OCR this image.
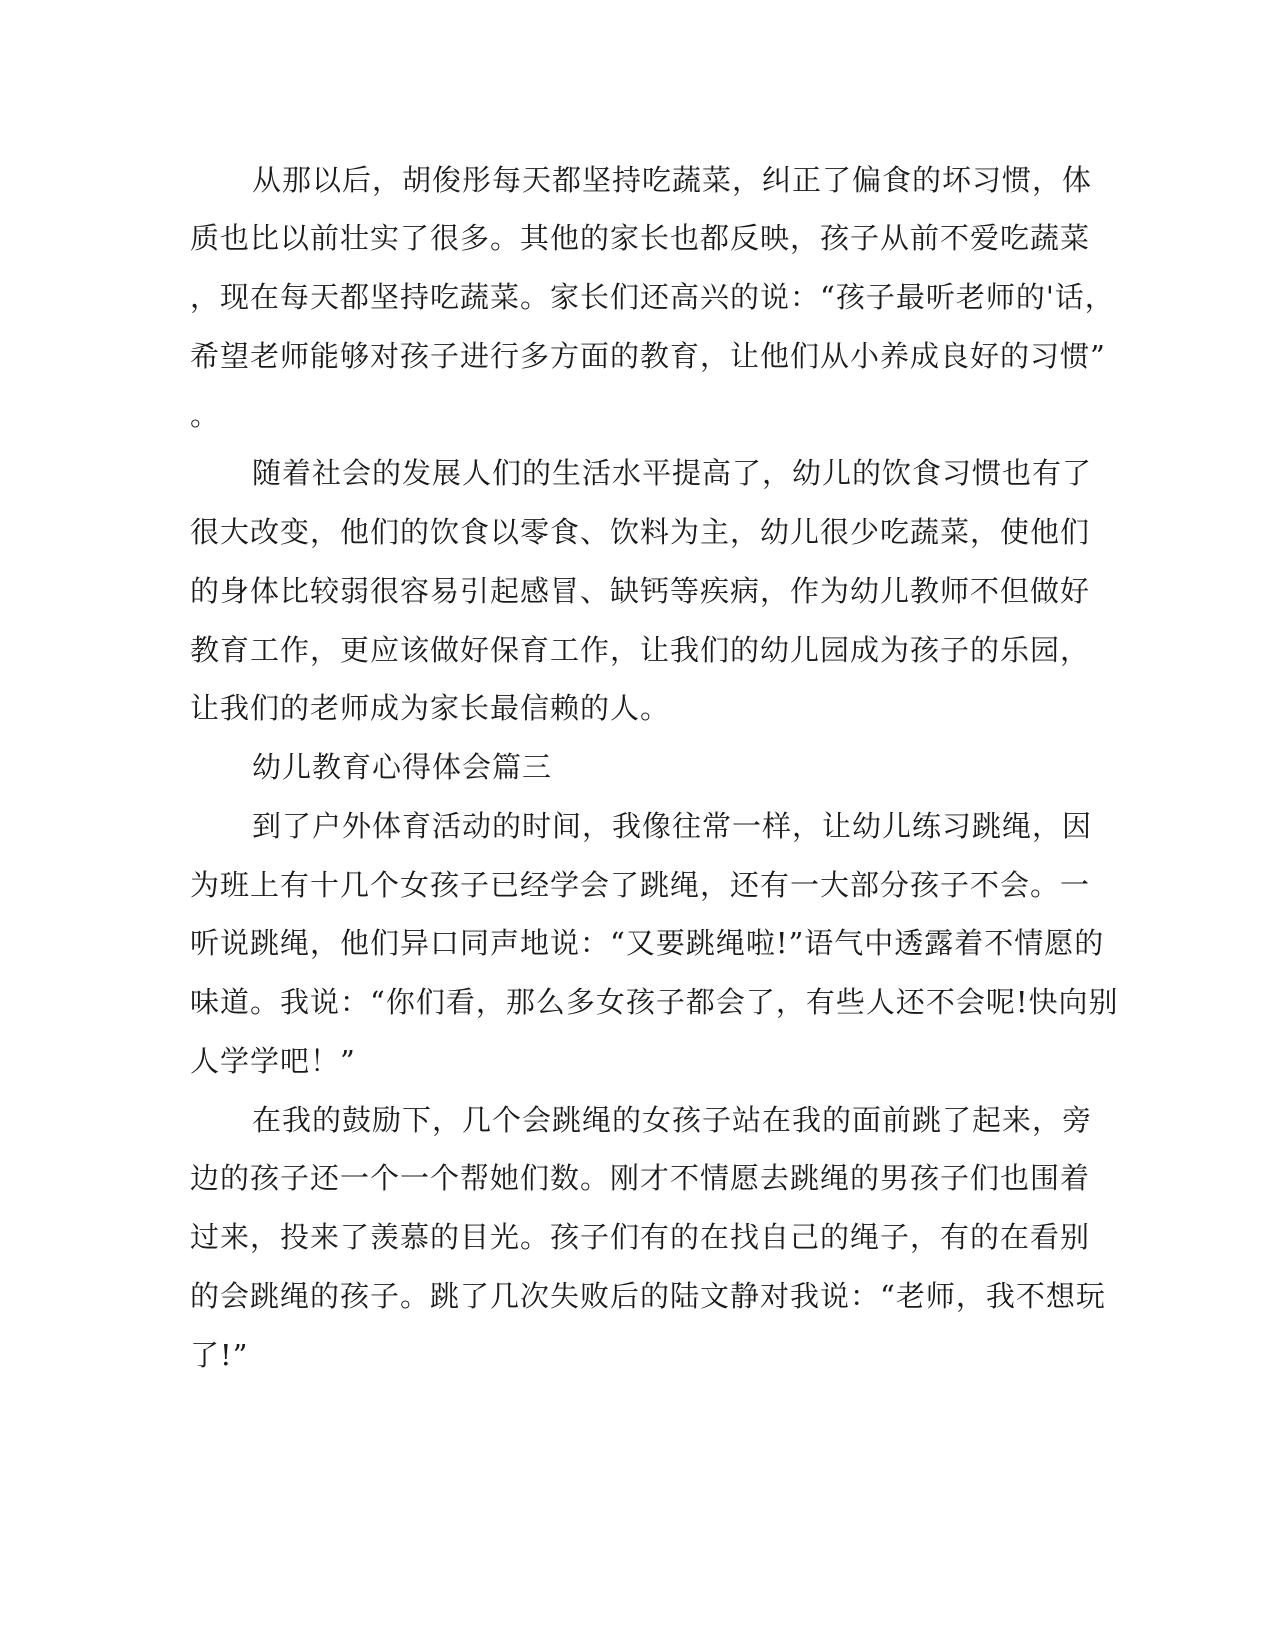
从那以后，胡俊彤每天都坚持吃蔬菜，纠正了偏食的坏习惯，体
质也比以前壮实了很多。其他的家长也都反映，孩子从前不爱吃蔬菜
，现在每天都坚持吃蔬菜。家长们还高兴的说：“孩子最听老师的'话，
希望老师能够对孩子进行多方面的教育，让他们从小养成良好的习惯”
。
随着社会的发展人们的生活水平提高了，幼儿的饮食习惯也有了
很大改变，他们的饮食以零食、饮料为主，幼儿很少吃蔬菜，使他们
的身体比较弱很容易引起感冒、缺钙等疾病，作为幼儿教师不但做好
教育工作，更应该做好保育工作，让我们的幼儿园成为孩子的乐园，
让我们的老师成为家长最信赖的人。
幼儿教育心得体会篇三
到了户外体育活动的时间，我像往常一样，让幼儿练习跳绳，因
为班上有十几个女孩子已经学会了跳绳，还有一大部分孩子不会。一
听说跳绳，他们异口同声地说：“又要跳绳啦!”语气中透露着不情愿的
味道。我说：“你们看，那么多女孩子都会了，有些人还不会呢!快向别
人学学吧！”
在我的鼓励下，几个会跳绳的女孩子站在我的面前跳了起来，旁
边的孩子还一个一个帮她们数。刚才不情愿去跳绳的男孩子们也围着
过来，投来了羡慕的目光。孩子们有的在找自己的绳子，有的在看别
的会跳绳的孩子。跳了几次失败后的陆文静对我说：“老师，我不想玩
了!”
